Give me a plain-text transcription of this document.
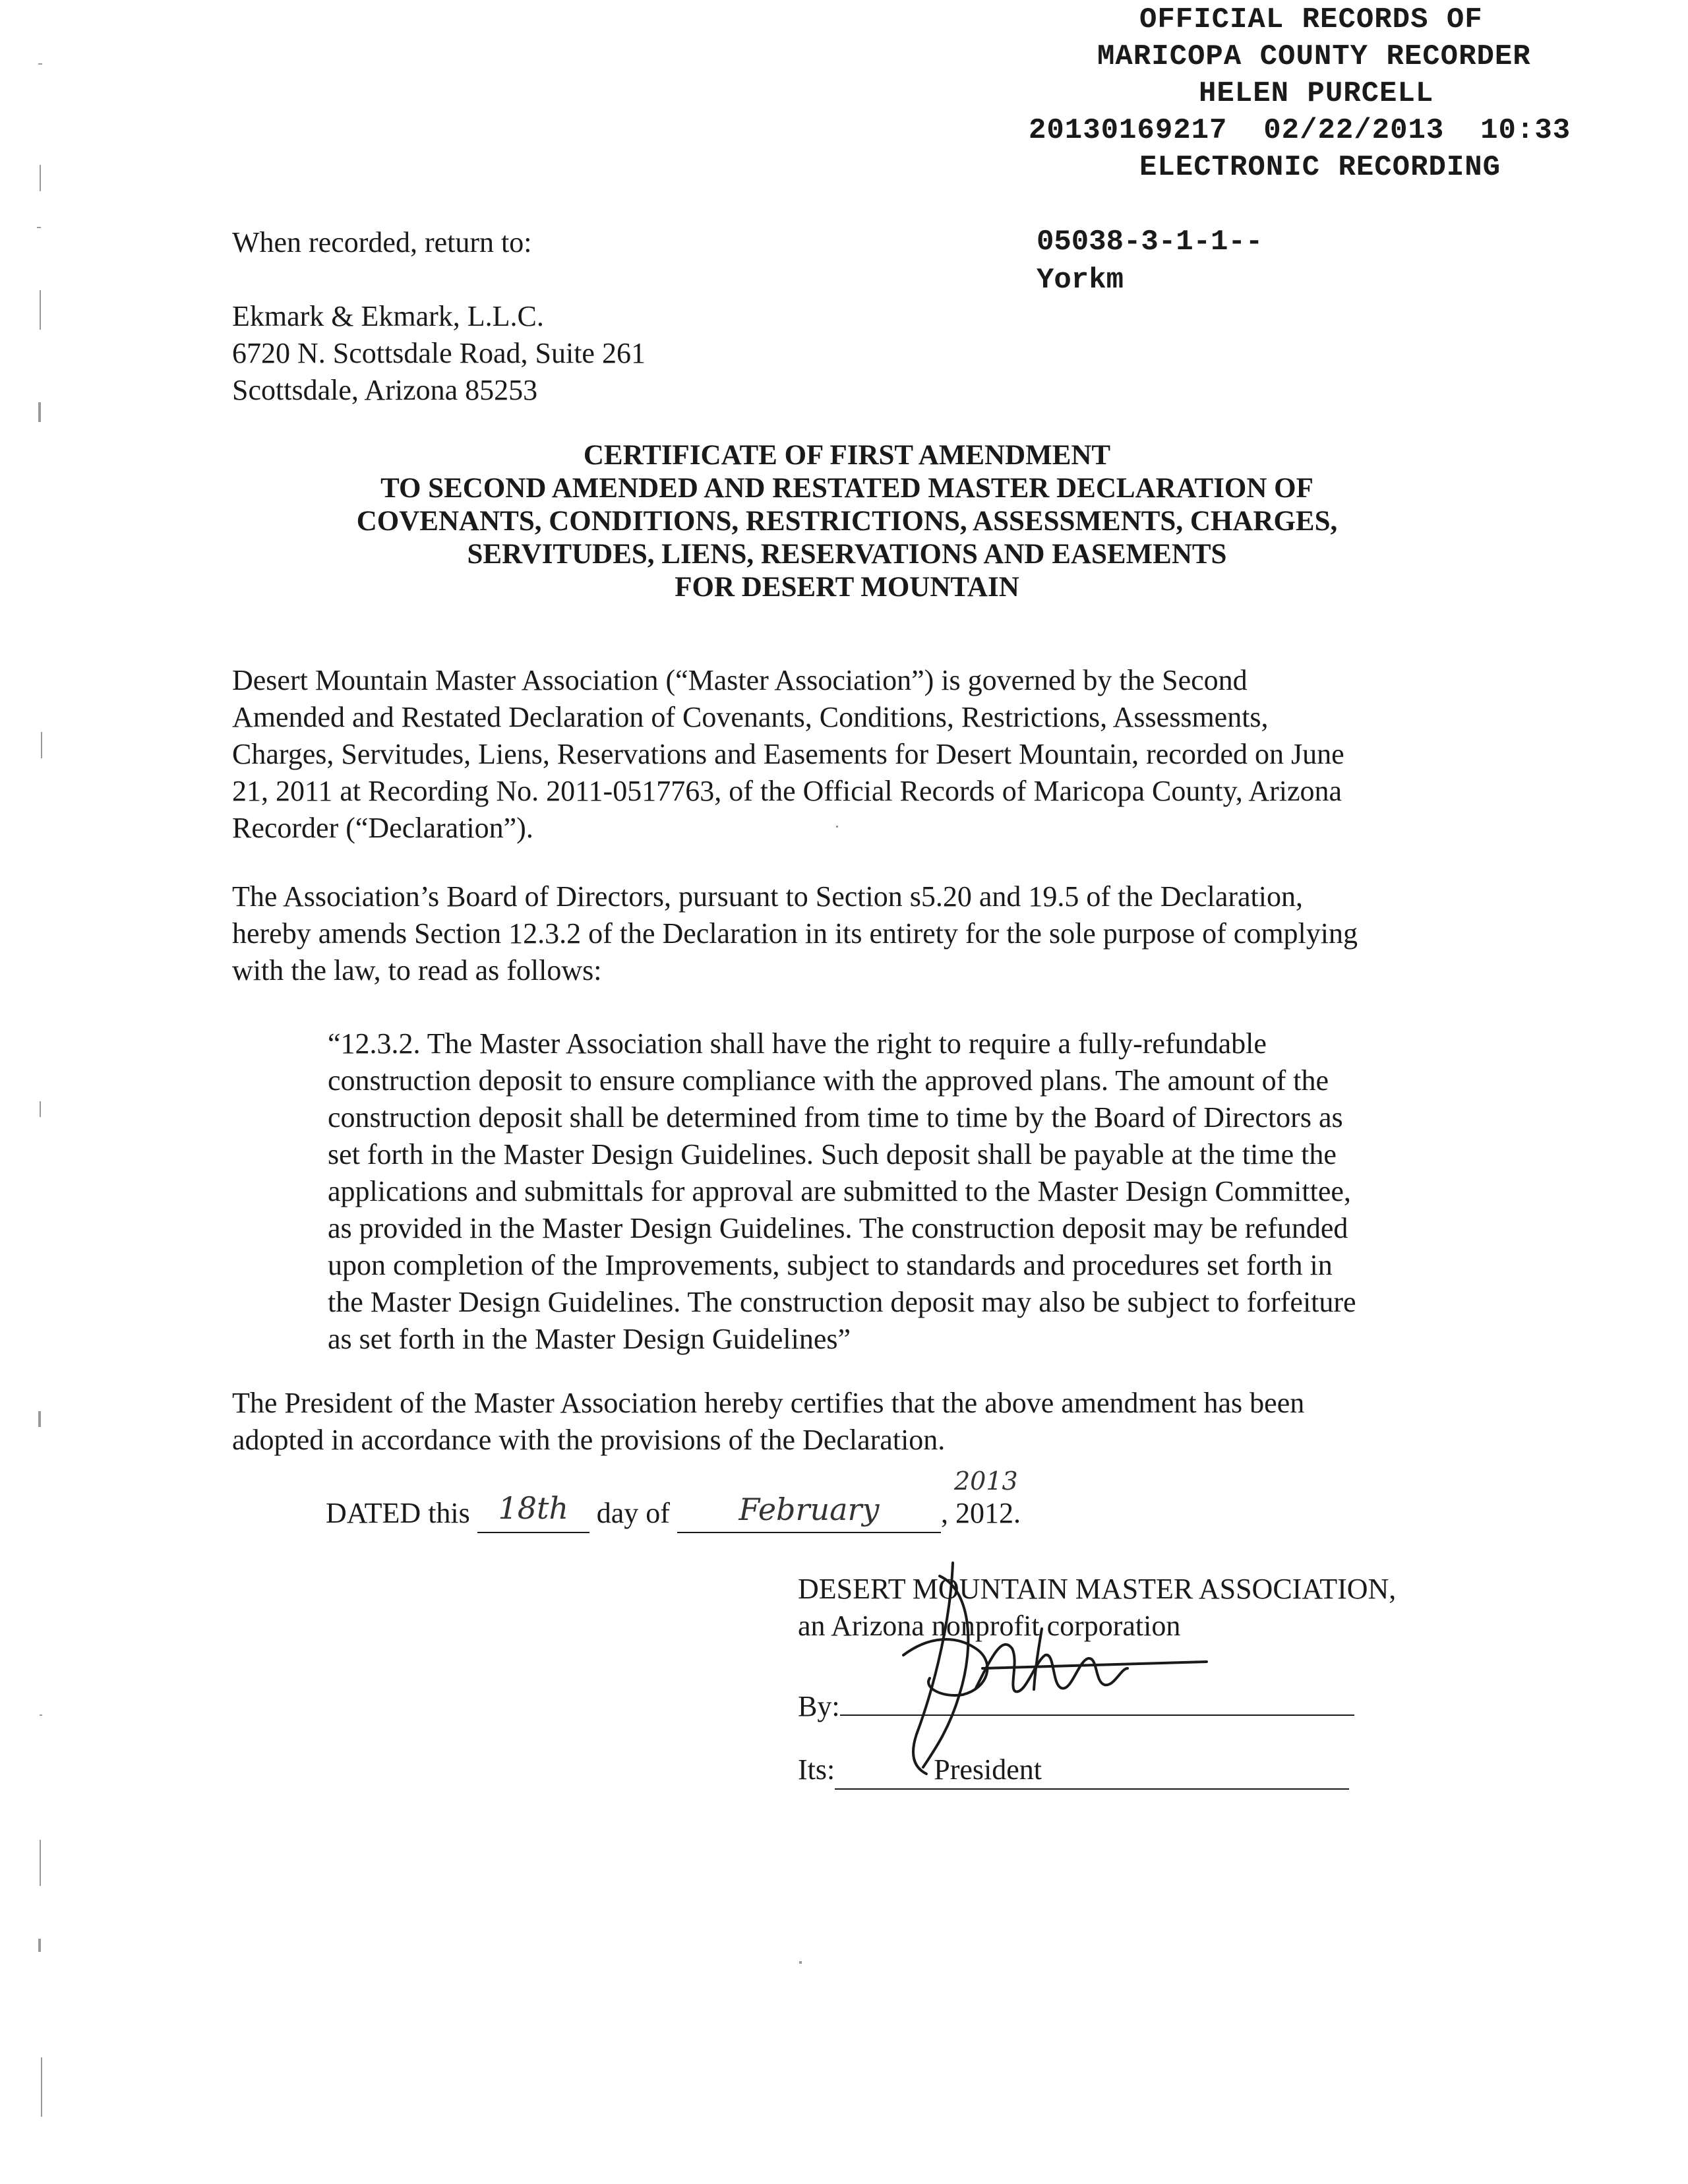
OFFICIAL RECORDS OF
MARICOPA COUNTY RECORDER
HELEN PURCELL
20130169217  02/22/2013  10:33
ELECTRONIC RECORDING
05038-3-1-1--
Yorkm
When recorded, return to:
Ekmark & Ekmark, L.L.C.
6720 N. Scottsdale Road, Suite 261
Scottsdale, Arizona 85253
CERTIFICATE OF FIRST AMENDMENT
TO SECOND AMENDED AND RESTATED MASTER DECLARATION OF
COVENANTS, CONDITIONS, RESTRICTIONS, ASSESSMENTS, CHARGES,
SERVITUDES, LIENS, RESERVATIONS AND EASEMENTS
FOR DESERT MOUNTAIN
Desert Mountain Master Association (“Master Association”) is governed by the Second
Amended and Restated Declaration of Covenants, Conditions, Restrictions, Assessments,
Charges, Servitudes, Liens, Reservations and Easements for Desert Mountain, recorded on June
21, 2011 at Recording No. 2011-0517763, of the Official Records of Maricopa County, Arizona
Recorder (“Declaration”).
The Association’s Board of Directors, pursuant to Section s5.20 and 19.5 of the Declaration,
hereby amends Section 12.3.2 of the Declaration in its entirety for the sole purpose of complying
with the law, to read as follows:
“12.3.2. The Master Association shall have the right to require a fully-refundable
construction deposit to ensure compliance with the approved plans. The amount of the
construction deposit shall be determined from time to time by the Board of Directors as
set forth in the Master Design Guidelines. Such deposit shall be payable at the time the
applications and submittals for approval are submitted to the Master Design Committee,
as provided in the Master Design Guidelines. The construction deposit may be refunded
upon completion of the Improvements, subject to standards and procedures set forth in
the Master Design Guidelines. The construction deposit may also be subject to forfeiture
as set forth in the Master Design Guidelines”
The President of the Master Association hereby certifies that the above amendment has been
adopted in accordance with the provisions of the Declaration.
DATED this 18th day of February
2013
, 2012.
DESERT MOUNTAIN MASTER ASSOCIATION,
an Arizona nonprofit corporation
By:
Its:	President
